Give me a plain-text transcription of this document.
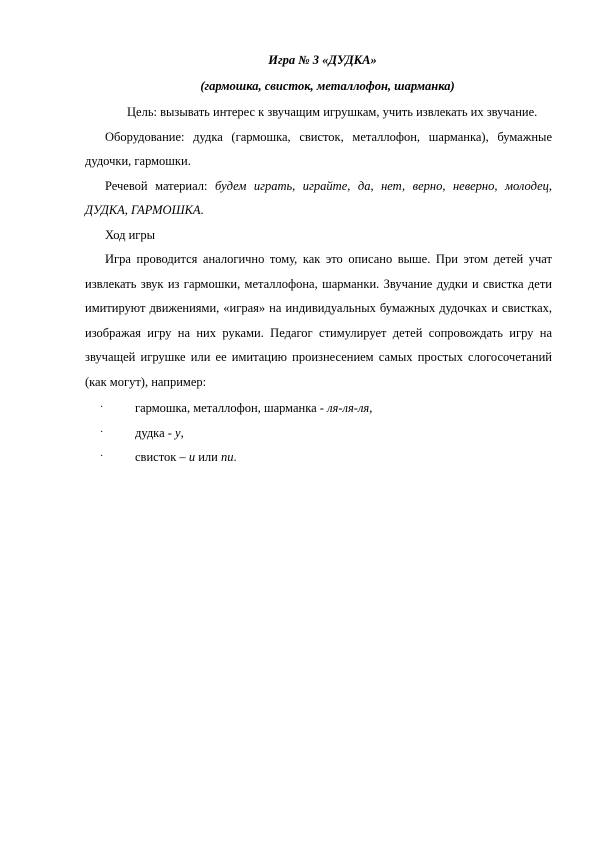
Игра № 3 «ДУДКА»

(гармошка, свисток, металлофон, шарманка)

Цель: вызывать интерес к звучащим игрушкам, учить извлекать их звучание.

Оборудование: дудка (гармошка, свисток, металлофон, шарманка), бумажные дудочки, гармошки.

Речевой материал: будем играть, играйте, да, нет, верно, неверно, молодец, ДУДКА, ГАРМОШКА.

Ход игры

Игра проводится аналогично тому, как это описано выше. При этом детей учат извлекать звук из гармошки, металлофона, шарманки. Звучание дудки и свистка дети имитируют движениями, «играя» на индивидуальных бумажных дудочках и свистках, изображая игру на них руками. Педагог стимулирует детей сопровождать игру на звучащей игрушке или ее имитацию произнесением самых простых слогосочетаний (как могут), например:

·	гармошка, металлофон, шарманка - ля-ля-ля,
·	дудка - у,
·	свисток – и или пи.
